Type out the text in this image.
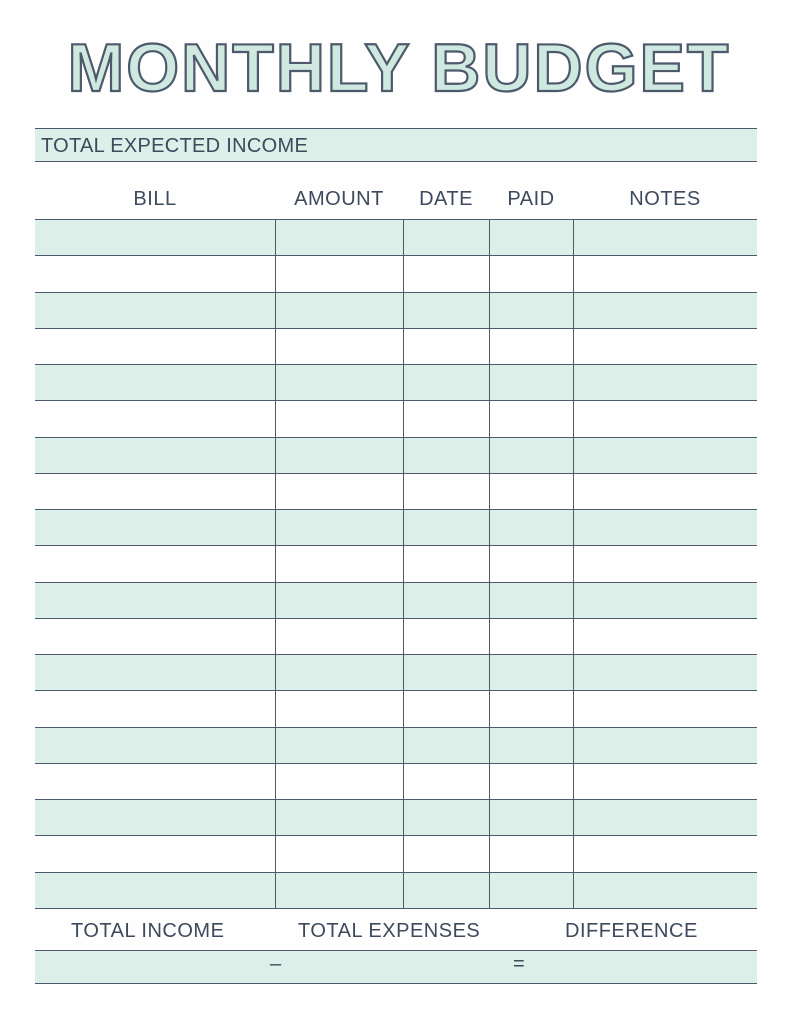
MONTHLY BUDGET
TOTAL EXPECTED INCOME
BILL	AMOUNT	DATE	PAID	NOTES
TOTAL INCOME	TOTAL EXPENSES	DIFFERENCE
–	=
